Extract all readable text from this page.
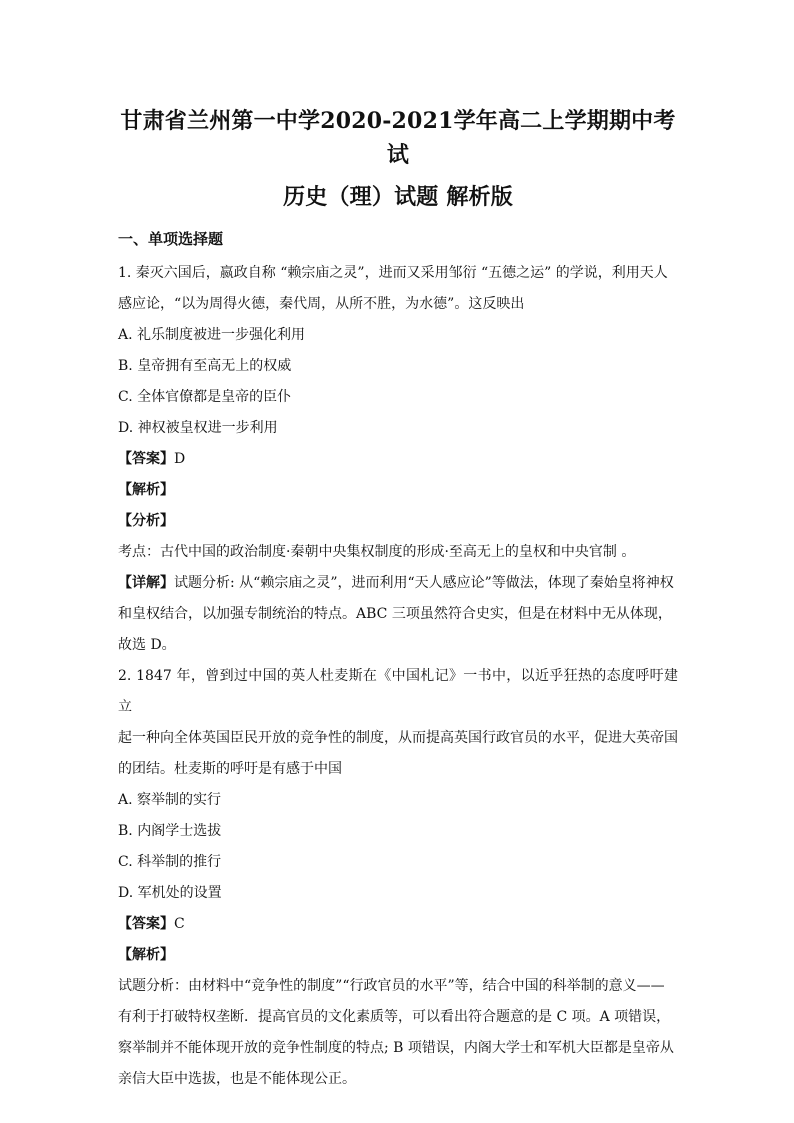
甘肃省兰州第一中学2020-2021学年高二上学期期中考试
历史（理）试题 解析版

一、单项选择题

1. 秦灭六国后，嬴政自称 “赖宗庙之灵”，进而又采用邹衍 “五德之运” 的学说，利用天人

感应论，“以为周得火德，秦代周，从所不胜，为水德”。这反映出

A. 礼乐制度被进一步强化利用

B. 皇帝拥有至高无上的权威

C. 全体官僚都是皇帝的臣仆

D. 神权被皇权进一步利用

【答案】D

【解析】

【分析】

考点：古代中国的政治制度·秦朝中央集权制度的形成·至高无上的皇权和中央官制 。

【详解】试题分析: 从“赖宗庙之灵”，进而利用“天人感应论”等做法，体现了秦始皇将神权

和皇权结合，以加强专制统治的特点。ABC 三项虽然符合史实，但是在材料中无从体现，

故选 D。

2. 1847 年，曾到过中国的英人杜麦斯在《中国札记》一书中，以近乎狂热的态度呼吁建立

起一种向全体英国臣民开放的竞争性的制度，从而提高英国行政官员的水平，促进大英帝国

的团结。杜麦斯的呼吁是有感于中国

A. 察举制的实行

B. 内阁学士选拔

C. 科举制的推行

D. 军机处的设置

【答案】C

【解析】

试题分析：由材料中“竞争性的制度”“行政官员的水平”等，结合中国的科举制的意义——

有利于打破特权垄断．提高官员的文化素质等，可以看出符合题意的是 C 项。A 项错误，

察举制并不能体现开放的竞争性制度的特点; B 项错误，内阁大学士和军机大臣都是皇帝从

亲信大臣中选拔，也是不能体现公正。
